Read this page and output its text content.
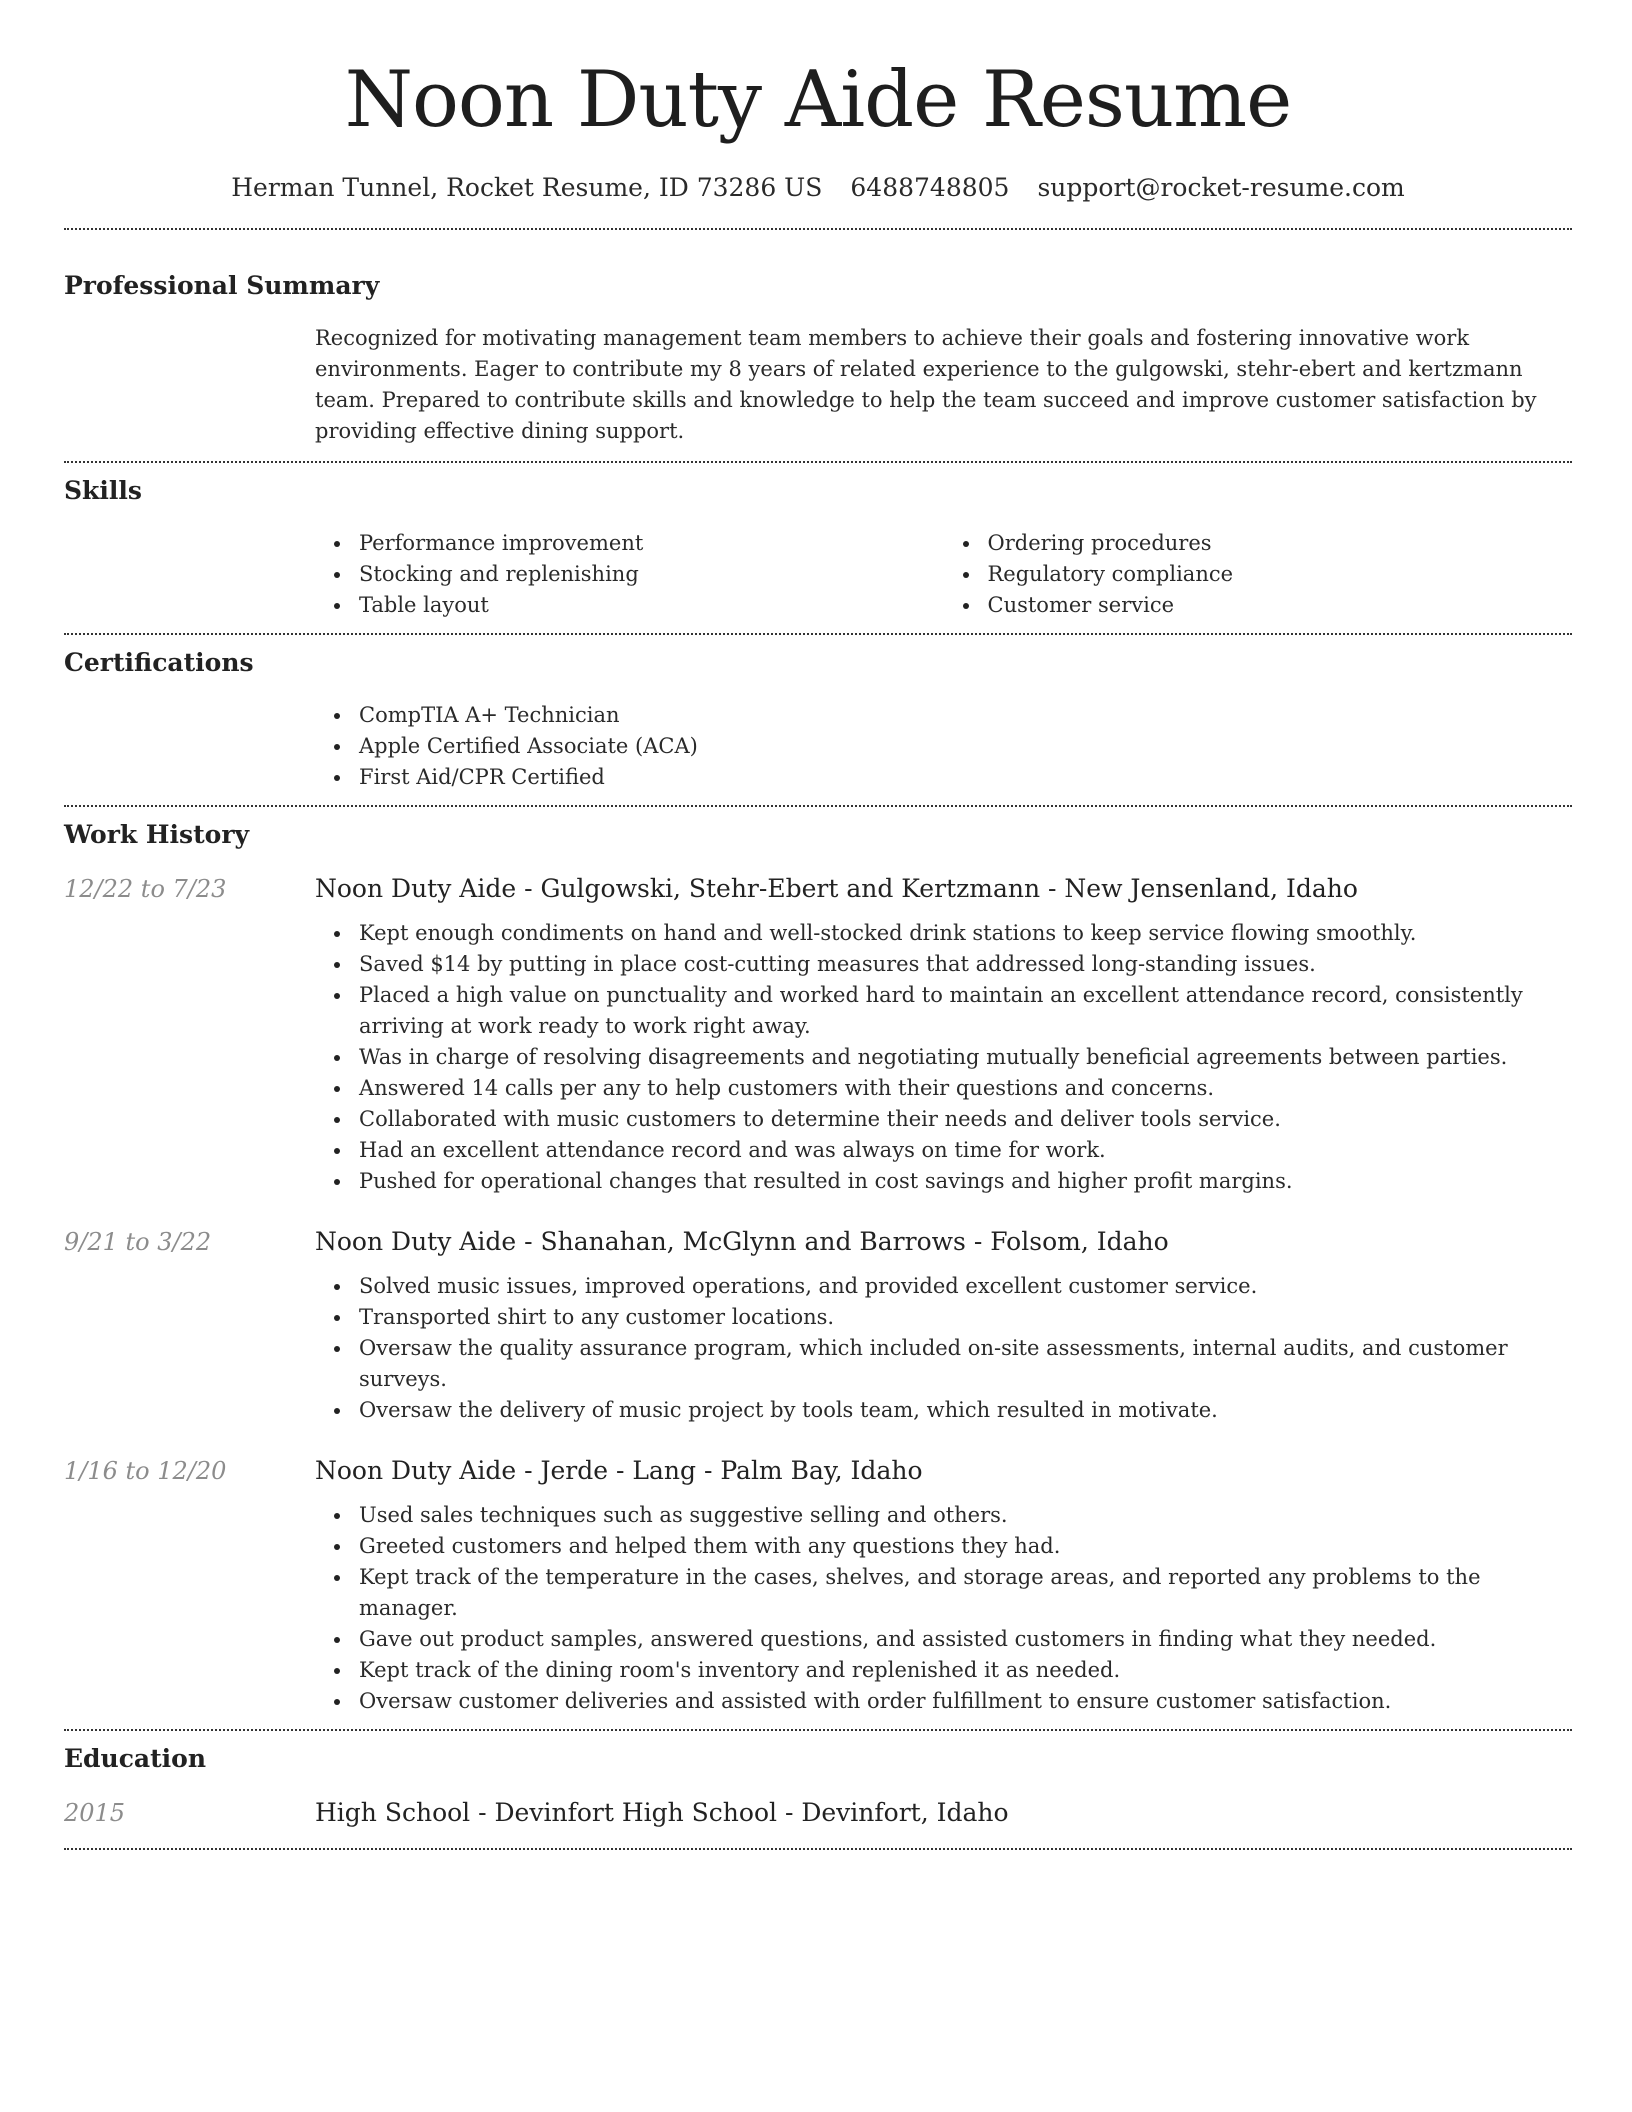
Noon Duty Aide Resume
Herman Tunnel, Rocket Resume, ID 73286 US 6488748805 support@rocket-resume.com
Professional Summary
Recognized for motivating management team members to achieve their goals and fostering innovative work environments. Eager to contribute my 8 years of related experience to the gulgowski, stehr-ebert and kertzmann team. Prepared to contribute skills and knowledge to help the team succeed and improve customer satisfaction by providing effective dining support.
Skills
Performance improvement
Stocking and replenishing
Table layout
Ordering procedures
Regulatory compliance
Customer service
Certifications
CompTIA A+ Technician
Apple Certified Associate (ACA)
First Aid/CPR Certified
Work History
12/22 to 7/23	Noon Duty Aide - Gulgowski, Stehr-Ebert and Kertzmann - New Jensenland, Idaho
Kept enough condiments on hand and well-stocked drink stations to keep service flowing smoothly.
Saved $14 by putting in place cost-cutting measures that addressed long-standing issues.
Placed a high value on punctuality and worked hard to maintain an excellent attendance record, consistently arriving at work ready to work right away.
Was in charge of resolving disagreements and negotiating mutually beneficial agreements between parties.
Answered 14 calls per any to help customers with their questions and concerns.
Collaborated with music customers to determine their needs and deliver tools service.
Had an excellent attendance record and was always on time for work.
Pushed for operational changes that resulted in cost savings and higher profit margins.
9/21 to 3/22	Noon Duty Aide - Shanahan, McGlynn and Barrows - Folsom, Idaho
Solved music issues, improved operations, and provided excellent customer service.
Transported shirt to any customer locations.
Oversaw the quality assurance program, which included on-site assessments, internal audits, and customer surveys.
Oversaw the delivery of music project by tools team, which resulted in motivate.
1/16 to 12/20	Noon Duty Aide - Jerde - Lang - Palm Bay, Idaho
Used sales techniques such as suggestive selling and others.
Greeted customers and helped them with any questions they had.
Kept track of the temperature in the cases, shelves, and storage areas, and reported any problems to the manager.
Gave out product samples, answered questions, and assisted customers in finding what they needed.
Kept track of the dining room's inventory and replenished it as needed.
Oversaw customer deliveries and assisted with order fulfillment to ensure customer satisfaction.
Education
2015	High School - Devinfort High School - Devinfort, Idaho
